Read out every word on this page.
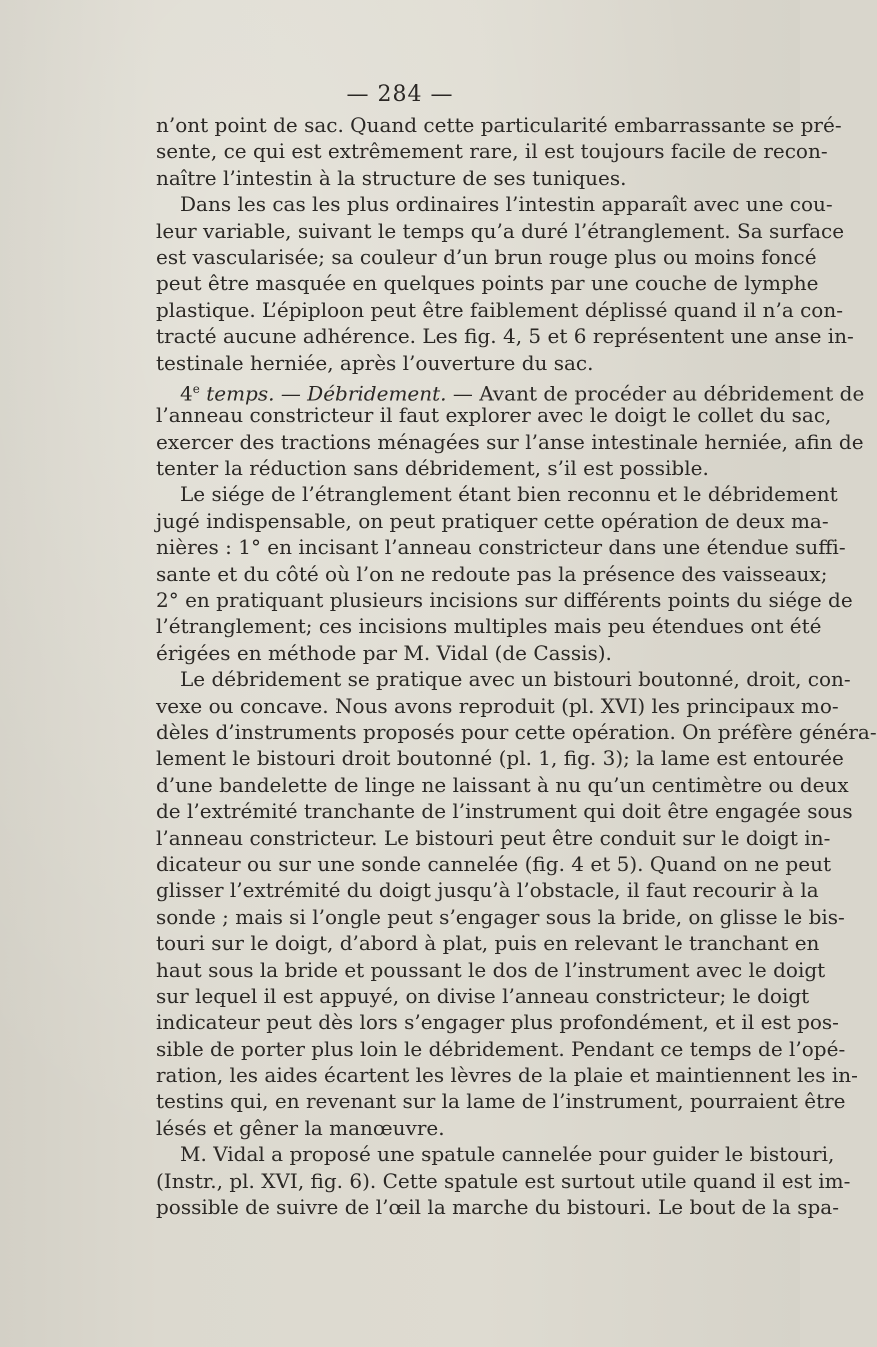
— 284 —
n’ont point de sac. Quand cette particularité embarrassante se pré-
sente, ce qui est extrêmement rare, il est toujours facile de recon-
naître l’intestin à la structure de ses tuniques.
Dans les cas les plus ordinaires l’intestin apparaît avec une cou-
leur variable, suivant le temps qu’a duré l’étranglement. Sa surface
est vascularisée; sa couleur d’un brun rouge plus ou moins foncé
peut être masquée en quelques points par une couche de lymphe
plastique. L’épiploon peut être faiblement déplissé quand il n’a con-
tracté aucune adhérence. Les fig. 4, 5 et 6 représentent une anse in-
testinale herniée, après l’ouverture du sac.
4e temps. — Débridement. — Avant de procéder au débridement de
l’anneau constricteur il faut explorer avec le doigt le collet du sac,
exercer des tractions ménagées sur l’anse intestinale herniée, afin de
tenter la réduction sans débridement, s’il est possible.
Le siége de l’étranglement étant bien reconnu et le débridement
jugé indispensable, on peut pratiquer cette opération de deux ma-
nières : 1° en incisant l’anneau constricteur dans une étendue suffi-
sante et du côté où l’on ne redoute pas la présence des vaisseaux;
2° en pratiquant plusieurs incisions sur différents points du siége de
l’étranglement; ces incisions multiples mais peu étendues ont été
érigées en méthode par M. Vidal (de Cassis).
Le débridement se pratique avec un bistouri boutonné, droit, con-
vexe ou concave. Nous avons reproduit (pl. XVI) les principaux mo-
dèles d’instruments proposés pour cette opération. On préfère généra-
lement le bistouri droit boutonné (pl. 1, fig. 3); la lame est entourée
d’une bandelette de linge ne laissant à nu qu’un centimètre ou deux
de l’extrémité tranchante de l’instrument qui doit être engagée sous
l’anneau constricteur. Le bistouri peut être conduit sur le doigt in-
dicateur ou sur une sonde cannelée (fig. 4 et 5). Quand on ne peut
glisser l’extrémité du doigt jusqu’à l’obstacle, il faut recourir à la
sonde ; mais si l’ongle peut s’engager sous la bride, on glisse le bis-
touri sur le doigt, d’abord à plat, puis en relevant le tranchant en
haut sous la bride et poussant le dos de l’instrument avec le doigt
sur lequel il est appuyé, on divise l’anneau constricteur; le doigt
indicateur peut dès lors s’engager plus profondément, et il est pos-
sible de porter plus loin le débridement. Pendant ce temps de l’opé-
ration, les aides écartent les lèvres de la plaie et maintiennent les in-
testins qui, en revenant sur la lame de l’instrument, pourraient être
lésés et gêner la manœuvre.
M. Vidal a proposé une spatule cannelée pour guider le bistouri,
(Instr., pl. XVI, fig. 6). Cette spatule est surtout utile quand il est im-
possible de suivre de l’œil la marche du bistouri. Le bout de la spa-
